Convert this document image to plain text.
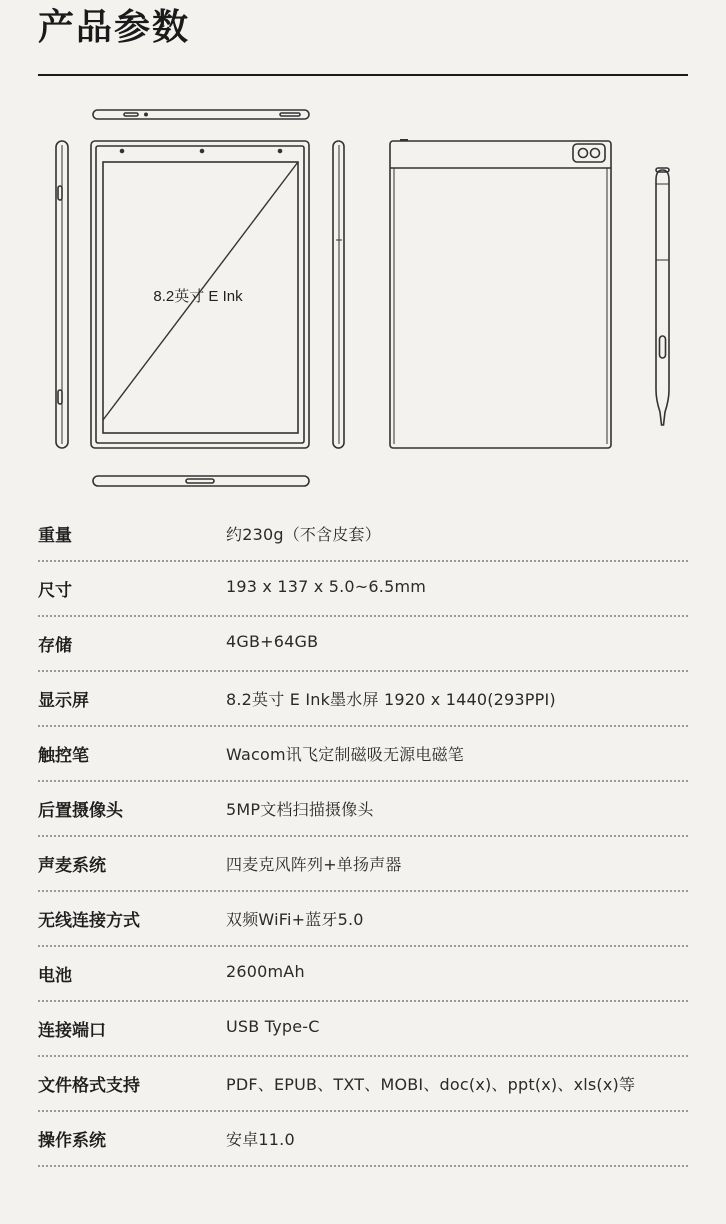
产品参数
8.2英寸 E Ink
重量	约230g（不含皮套）
尺寸	193 x 137 x 5.0~6.5mm
存储	4GB+64GB
显示屏	8.2英寸 E Ink墨水屏 1920 x 1440(293PPI)
触控笔	Wacom讯飞定制磁吸无源电磁笔
后置摄像头	5MP文档扫描摄像头
声麦系统	四麦克风阵列+单扬声器
无线连接方式	双频WiFi+蓝牙5.0
电池	2600mAh
连接端口	USB Type-C
文件格式支持	PDF、EPUB、TXT、MOBI、doc(x)、ppt(x)、xls(x)等
操作系统	安卓11.0
